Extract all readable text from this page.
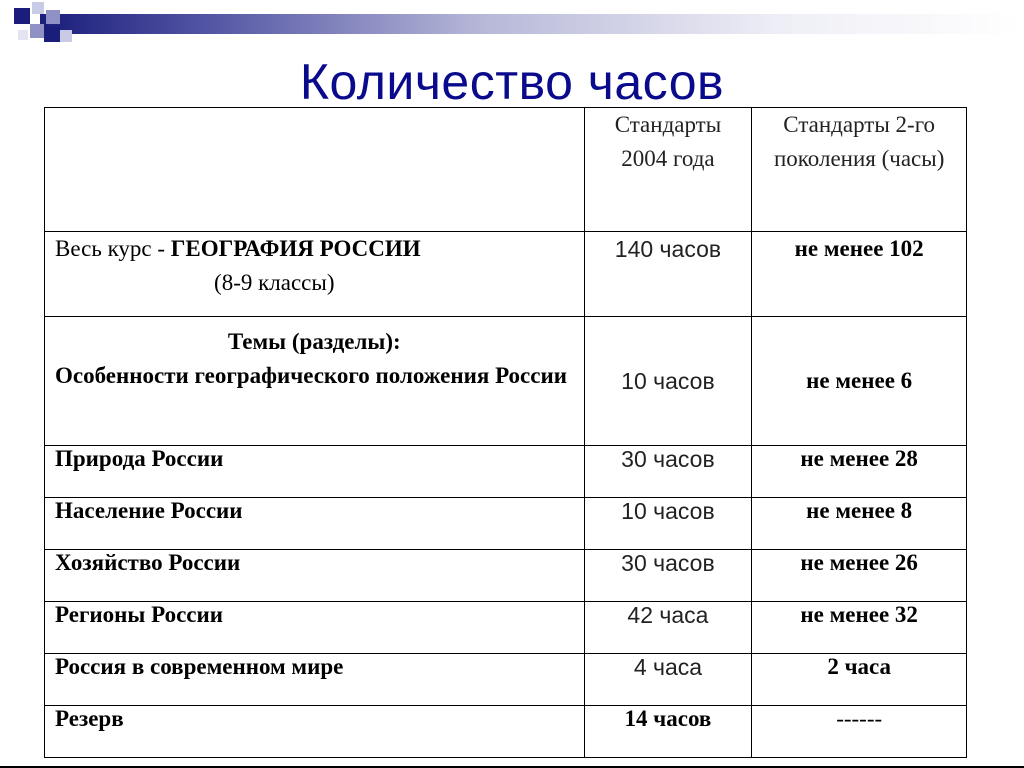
Количество часов
	Стандарты 2004 года	Стандарты 2-го поколения (часы)
Весь курс - ГЕОГРАФИЯ РОССИИ
(8-9 классы)	140 часов	не менее 102

Темы (разделы):
Особенности географического положения России	10 часов	не менее 6
Природа России	30 часов	не менее 28
Население России	10 часов	не менее 8
Хозяйство России	30 часов	не менее 26
Регионы России	42 часа	не менее 32
Россия в современном мире	4 часа	2 часа
Резерв	14 часов	------
